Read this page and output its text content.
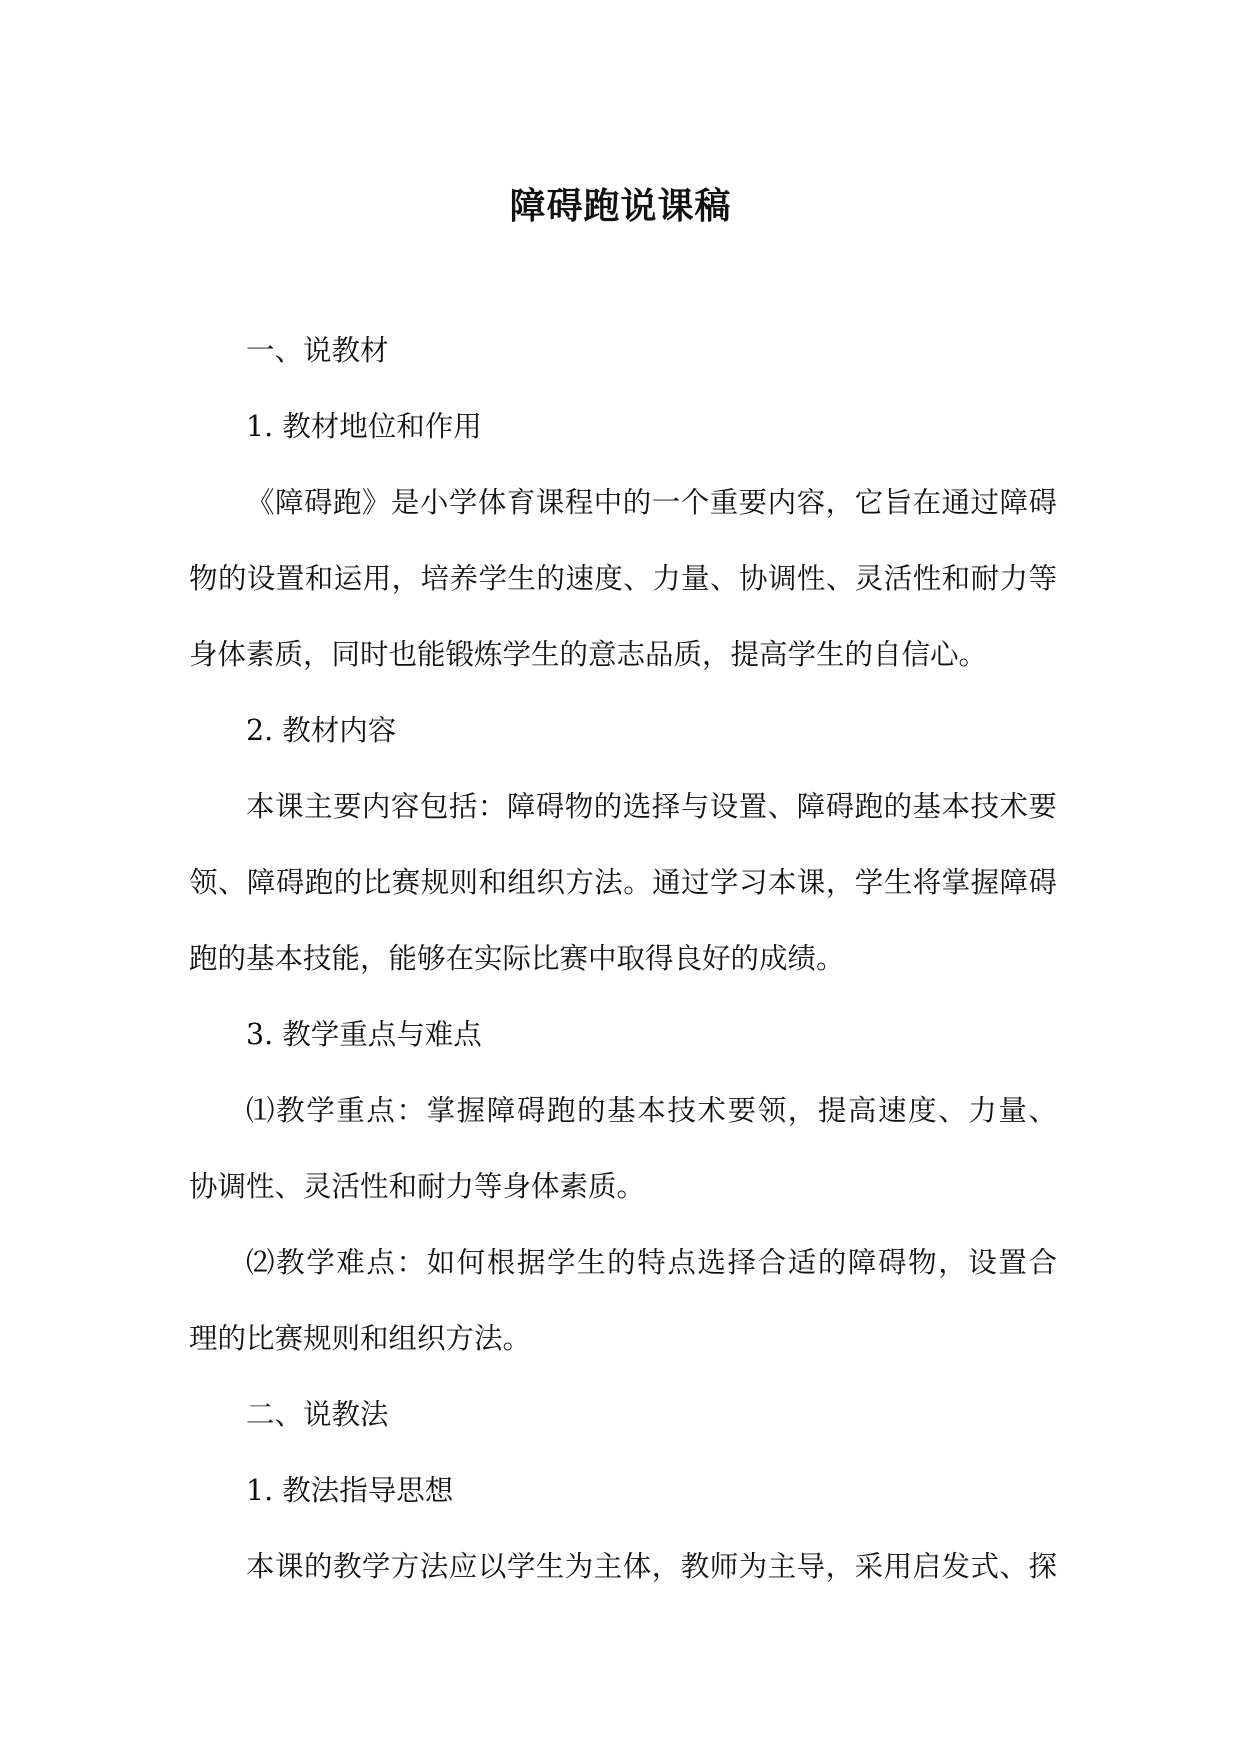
障碍跑说课稿
一、说教材
1. 教材地位和作用
《障碍跑》是小学体育课程中的一个重要内容，它旨在通过障碍
物的设置和运用，培养学生的速度、力量、协调性、灵活性和耐力等
身体素质，同时也能锻炼学生的意志品质，提高学生的自信心。
2. 教材内容
本课主要内容包括：障碍物的选择与设置、障碍跑的基本技术要
领、障碍跑的比赛规则和组织方法。通过学习本课，学生将掌握障碍
跑的基本技能，能够在实际比赛中取得良好的成绩。
3. 教学重点与难点
⑴教学重点：掌握障碍跑的基本技术要领，提高速度、力量、
协调性、灵活性和耐力等身体素质。
⑵教学难点：如何根据学生的特点选择合适的障碍物，设置合
理的比赛规则和组织方法。
二、说教法
1. 教法指导思想
本课的教学方法应以学生为主体，教师为主导，采用启发式、探
